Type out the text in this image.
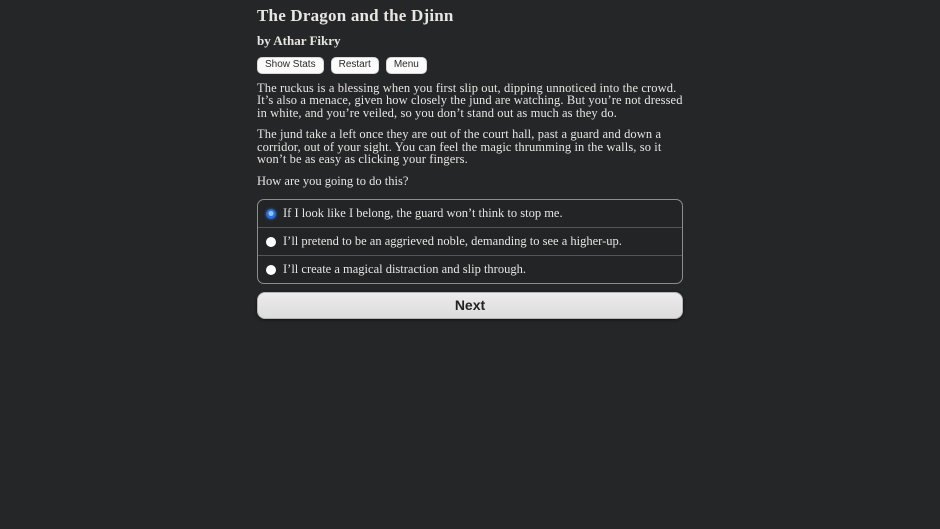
The Dragon and the Djinn
by Athar Fikry
Show Stats	Restart	Menu

The ruckus is a blessing when you first slip out, dipping unnoticed into the crowd. It’s also a menace, given how closely the jund are watching. But you’re not dressed in white, and you’re veiled, so you don’t stand out as much as they do.

The jund take a left once they are out of the court hall, past a guard and down a corridor, out of your sight. You can feel the magic thrumming in the walls, so it won’t be as easy as clicking your fingers.

How are you going to do this?

If I look like I belong, the guard won’t think to stop me.
I’ll pretend to be an aggrieved noble, demanding to see a higher-up.
I’ll create a magical distraction and slip through.
Next
